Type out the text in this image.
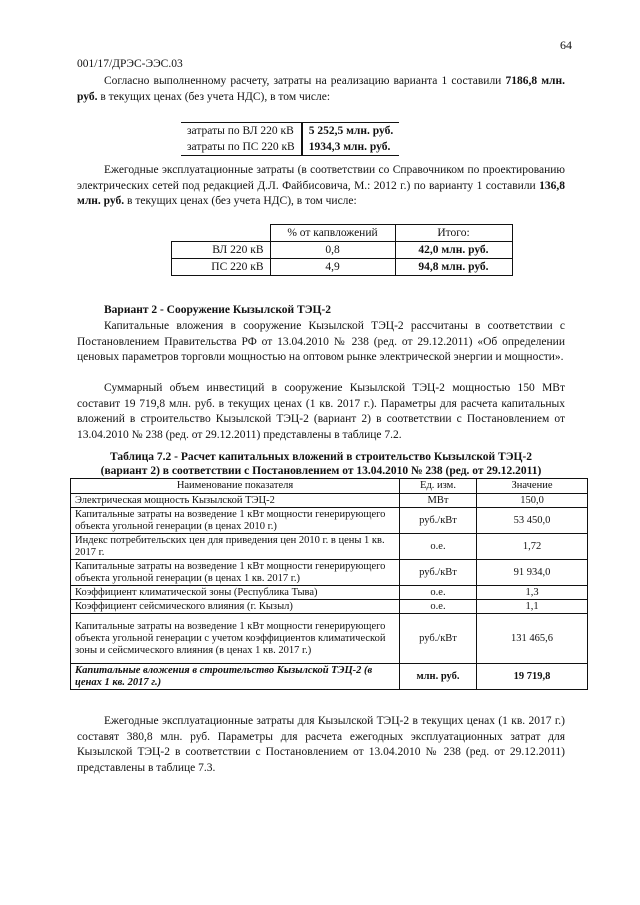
64
001/17/ДРЭС-ЭЭС.03

Согласно выполненному расчету, затраты на реализацию варианта 1 составили 7186,8 млн. руб. в текущих ценах (без учета НДС), в том числе:

затраты по ВЛ 220 кВ	5 252,5 млн. руб.
затраты по ПС 220 кВ	1934,3 млн. руб.

Ежегодные эксплуатационные затраты (в соответствии со Справочником по проектированию электрических сетей под редакцией Д.Л. Файбисовича, М.: 2012 г.) по варианту 1 составили 136,8 млн. руб. в текущих ценах (без учета НДС), в том числе:

	% от капвложений	Итого:
ВЛ 220 кВ	0,8	42,0 млн. руб.
ПС 220 кВ	4,9	94,8 млн. руб.

Вариант 2 - Сооружение Кызылской ТЭЦ-2

Капитальные вложения в сооружение Кызылской ТЭЦ-2 рассчитаны в соответствии с Постановлением Правительства РФ от 13.04.2010 № 238 (ред. от 29.12.2011) «Об определении ценовых параметров торговли мощностью на оптовом рынке электрической энергии и мощности».

Суммарный объем инвестиций в сооружение Кызылской ТЭЦ-2 мощностью 150 МВт составит 19 719,8 млн. руб. в текущих ценах (1 кв. 2017 г.). Параметры для расчета капитальных вложений в строительство Кызылской ТЭЦ-2 (вариант 2) в соответствии с Постановлением от 13.04.2010 № 238 (ред. от 29.12.2011) представлены в таблице 7.2.

Таблица 7.2 - Расчет капитальных вложений в строительство Кызылской ТЭЦ-2
(вариант 2) в соответствии с Постановлением от 13.04.2010 № 238 (ред. от 29.12.2011)

Наименование показателя	Ед. изм.	Значение
Электрическая мощность Кызылской ТЭЦ-2	МВт	150,0
Капитальные затраты на возведение 1 кВт мощности генерирующего объекта угольной генерации (в ценах 2010 г.)	руб./кВт	53 450,0
Индекс потребительских цен для приведения цен 2010 г. в цены 1 кв. 2017 г.	о.е.	1,72
Капитальные затраты на возведение 1 кВт мощности генерирующего объекта угольной генерации (в ценах 1 кв. 2017 г.)	руб./кВт	91 934,0
Коэффициент климатической зоны (Республика Тыва)	о.е.	1,3
Коэффициент сейсмического влияния (г. Кызыл)	о.е.	1,1
Капитальные затраты на возведение 1 кВт мощности генерирующего объекта угольной генерации с учетом коэффициентов климатической зоны и сейсмического влияния (в ценах 1 кв. 2017 г.)	руб./кВт	131 465,6
Капитальные вложения в строительство Кызылской ТЭЦ-2 (в ценах 1 кв. 2017 г.)	млн. руб.	19 719,8

Ежегодные эксплуатационные затраты для Кызылской ТЭЦ-2 в текущих ценах (1 кв. 2017 г.) составят 380,8 млн. руб. Параметры для расчета ежегодных эксплуатационных затрат для Кызылской ТЭЦ-2 в соответствии с Постановлением от 13.04.2010 № 238 (ред. от 29.12.2011) представлены в таблице 7.3.
